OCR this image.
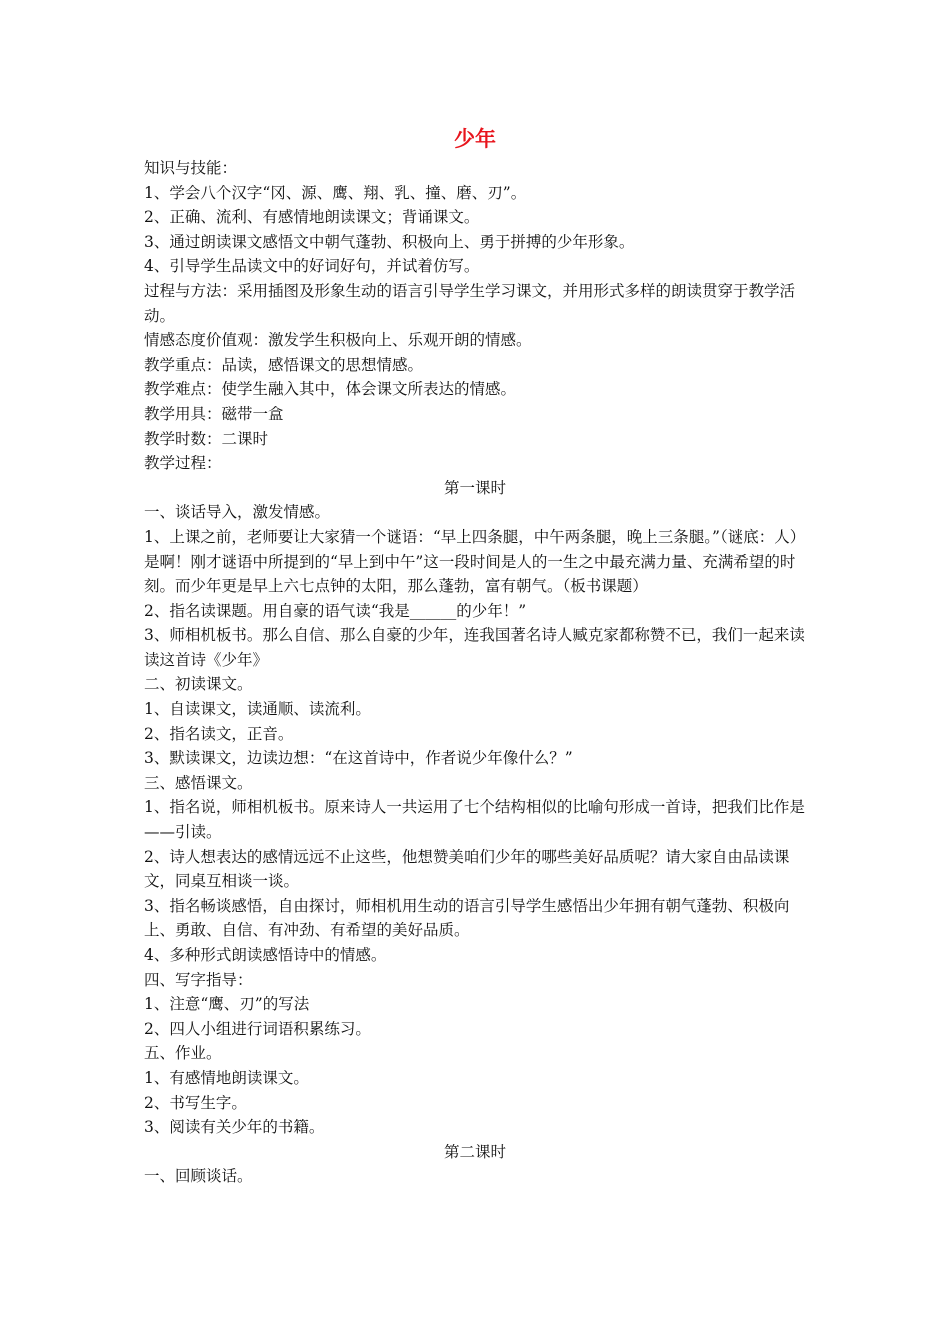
少年
知识与技能：
1、学会八个汉字“冈、源、鹰、翔、乳、撞、磨、刃”。
2、正确、流利、有感情地朗读课文；背诵课文。
3、通过朗读课文感悟文中朝气蓬勃、积极向上、勇于拼搏的少年形象。
4、引导学生品读文中的好词好句，并试着仿写。
过程与方法：采用插图及形象生动的语言引导学生学习课文，并用形式多样的朗读贯穿于教学活动。
情感态度价值观：激发学生积极向上、乐观开朗的情感。
教学重点：品读，感悟课文的思想情感。
教学难点：使学生融入其中，体会课文所表达的情感。
教学用具：磁带一盒
教学时数：二课时
教学过程：
第一课时
一、谈话导入，激发情感。
1、上课之前，老师要让大家猜一个谜语：“早上四条腿，中午两条腿，晚上三条腿。”（谜底：人）是啊！刚才谜语中所提到的“早上到中午”这一段时间是人的一生之中最充满力量、充满希望的时刻。而少年更是早上六七点钟的太阳，那么蓬勃，富有朝气。（板书课题）
2、指名读课题。用自豪的语气读“我是______的少年！”
3、师相机板书。那么自信、那么自豪的少年，连我国著名诗人臧克家都称赞不已，我们一起来读读这首诗《少年》
二、初读课文。
1、自读课文，读通顺、读流利。
2、指名读文，正音。
3、默读课文，边读边想：“在这首诗中，作者说少年像什么？”
三、感悟课文。
1、指名说，师相机板书。原来诗人一共运用了七个结构相似的比喻句形成一首诗，把我们比作是——引读。
2、诗人想表达的感情远远不止这些，他想赞美咱们少年的哪些美好品质呢？请大家自由品读课文，同桌互相谈一谈。
3、指名畅谈感悟，自由探讨，师相机用生动的语言引导学生感悟出少年拥有朝气蓬勃、积极向上、勇敢、自信、有冲劲、有希望的美好品质。
4、多种形式朗读感悟诗中的情感。
四、写字指导：
1、注意“鹰、刃”的写法
2、四人小组进行词语积累练习。
五、作业。
1、有感情地朗读课文。
2、书写生字。
3、阅读有关少年的书籍。
第二课时
一、回顾谈话。
